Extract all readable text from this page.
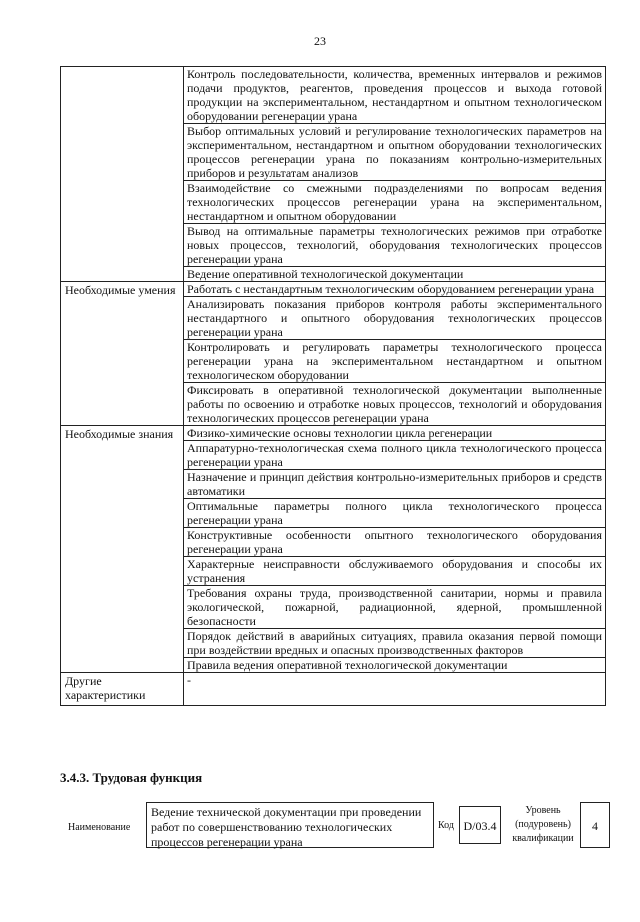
23
	Контроль последовательности, количества, временных интервалов и режимов подачи продуктов, реагентов, проведения процессов и выхода готовой продукции на экспериментальном, нестандартном и опытном технологическом оборудовании регенерации урана
	Выбор оптимальных условий и регулирование технологических параметров на экспериментальном, нестандартном и опытном оборудовании технологических процессов регенерации урана по показаниям контрольно-измерительных приборов и результатам анализов
	Взаимодействие со смежными подразделениями по вопросам ведения технологических процессов регенерации урана на экспериментальном, нестандартном и опытном оборудовании
	Вывод на оптимальные параметры технологических режимов при отработке новых процессов, технологий, оборудования технологических процессов регенерации урана
	Ведение оперативной технологической документации
Необходимые умения	Работать с нестандартным технологическим оборудованием регенерации урана
	Анализировать показания приборов контроля работы экспериментального нестандартного и опытного оборудования технологических процессов регенерации урана
	Контролировать и регулировать параметры технологического процесса регенерации урана на экспериментальном нестандартном и опытном технологическом оборудовании
	Фиксировать в оперативной технологической документации выполненные работы по освоению и отработке новых процессов, технологий и оборудования технологических процессов регенерации урана
Необходимые знания	Физико-химические основы технологии цикла регенерации
	Аппаратурно-технологическая схема полного цикла технологического процесса регенерации урана
	Назначение и принцип действия контрольно-измерительных приборов и средств автоматики
	Оптимальные параметры полного цикла технологического процесса регенерации урана
	Конструктивные особенности опытного технологического оборудования регенерации урана
	Характерные неисправности обслуживаемого оборудования и способы их устранения
	Требования охраны труда, производственной санитарии, нормы и правила экологической, пожарной, радиационной, ядерной, промышленной безопасности
	Порядок действий в аварийных ситуациях, правила оказания первой помощи при воздействии вредных и опасных производственных факторов
	Правила ведения оперативной технологической документации
Другие характеристики	-
3.4.3. Трудовая функция
Наименование
Ведение технической документации при проведении работ по совершенствованию технологических процессов регенерации урана
Код D/03.4
Уровень
(подуровень)
квалификации
4
